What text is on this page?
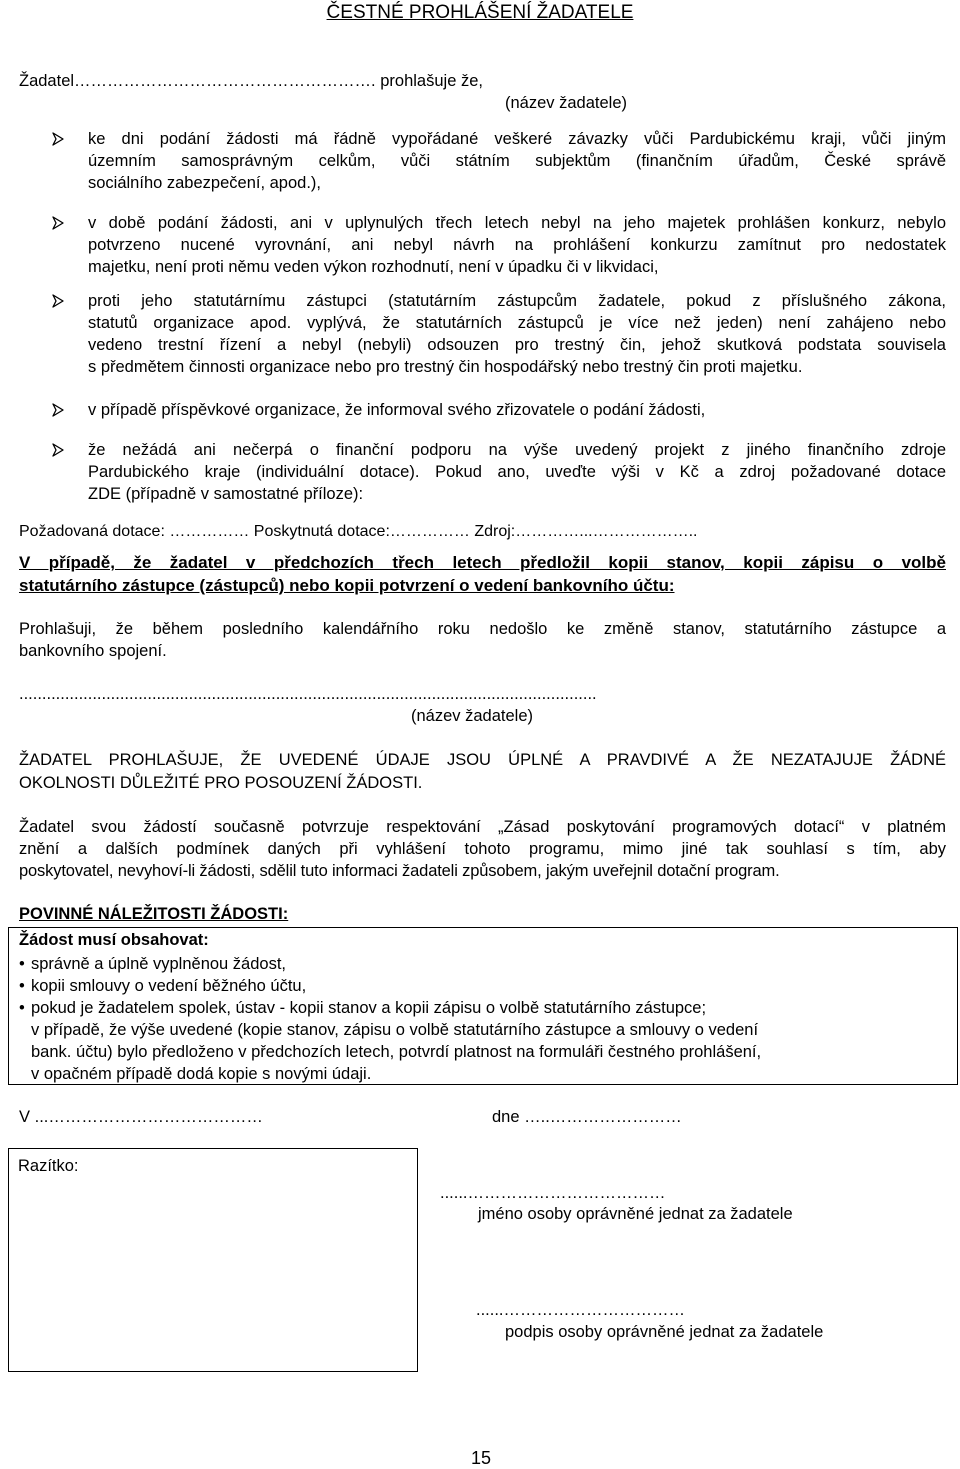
ČESTNÉ PROHLÁŠENÍ ŽADATELE
Žadatel………………………………………………. prohlašuje že,
(název žadatele)
ke dni podání žádosti má řádně vypořádané veškeré závazky vůči Pardubickému kraji, vůči jiným
územním samosprávným celkům, vůči státním subjektům (finančním úřadům, České správě
sociálního zabezpečení, apod.),
v době podání žádosti, ani v uplynulých třech letech nebyl na jeho majetek prohlášen konkurz, nebylo
potvrzeno nucené vyrovnání, ani nebyl návrh na prohlášení konkurzu zamítnut pro nedostatek
majetku, není proti němu veden výkon rozhodnutí, není v úpadku či v likvidaci,
proti jeho statutárnímu zástupci (statutárním zástupcům žadatele, pokud z příslušného zákona,
statutů organizace apod. vyplývá, že statutárních zástupců je více než jeden) není zahájeno nebo
vedeno trestní řízení a nebyl (nebyli) odsouzen pro trestný čin, jehož skutková podstata souvisela
s předmětem činnosti organizace nebo pro trestný čin hospodářský nebo trestný čin proti majetku.
v případě příspěvkové organizace, že informoval svého zřizovatele o podání žádosti,
že nežádá ani nečerpá o finanční podporu na výše uvedený projekt z jiného finančního zdroje
Pardubického kraje (individuální dotace). Pokud ano, uveďte výši v Kč a zdroj požadované dotace
ZDE (případně v samostatné příloze):
Požadovaná dotace: …………… Poskytnutá dotace:…………… Zdroj:…………...………………..
V případě, že žadatel v předchozích třech letech předložil kopii stanov, kopii zápisu o volbě
statutárního zástupce (zástupců) nebo kopii potvrzení o vedení bankovního účtu:
Prohlašuji, že během posledního kalendářního roku nedošlo ke změně stanov, statutárního zástupce a
bankovního spojení.
..............................................................................................................................
(název žadatele)
ŽADATEL PROHLAŠUJE, ŽE UVEDENÉ ÚDAJE JSOU ÚPLNÉ A PRAVDIVÉ A ŽE NEZATAJUJE ŽÁDNÉ
OKOLNOSTI DŮLEŽITÉ PRO POSOUZENÍ ŽÁDOSTI.
Žadatel svou žádostí současně potvrzuje respektování „Zásad poskytování programových dotací“ v platném
znění a dalších podmínek daných při vyhlášení tohoto programu, mimo jiné tak souhlasí s tím, aby
poskytovatel, nevyhoví-li žádosti, sdělil tuto informaci žadateli způsobem, jakým uveřejnil dotační program.
POVINNÉ NÁLEŽITOSTI ŽÁDOSTI:
Žádost musí obsahovat:
• správně a úplně vyplněnou žádost,
• kopii smlouvy o vedení běžného účtu,
• pokud je žadatelem spolek, ústav - kopii stanov a kopii zápisu o volbě statutárního zástupce;
v případě, že výše uvedené (kopie stanov, zápisu o volbě statutárního zástupce a smlouvy o vedení
bank. účtu) bylo předloženo v předchozích letech, potvrdí platnost na formuláři čestného prohlášení,
v opačném případě dodá kopie s novými údaji.
V ...…………………………………	dne …..……………………
Razítko:
......………………………………
jméno osoby oprávněné jednat za žadatele
......……………………………
podpis osoby oprávněné jednat za žadatele
15
